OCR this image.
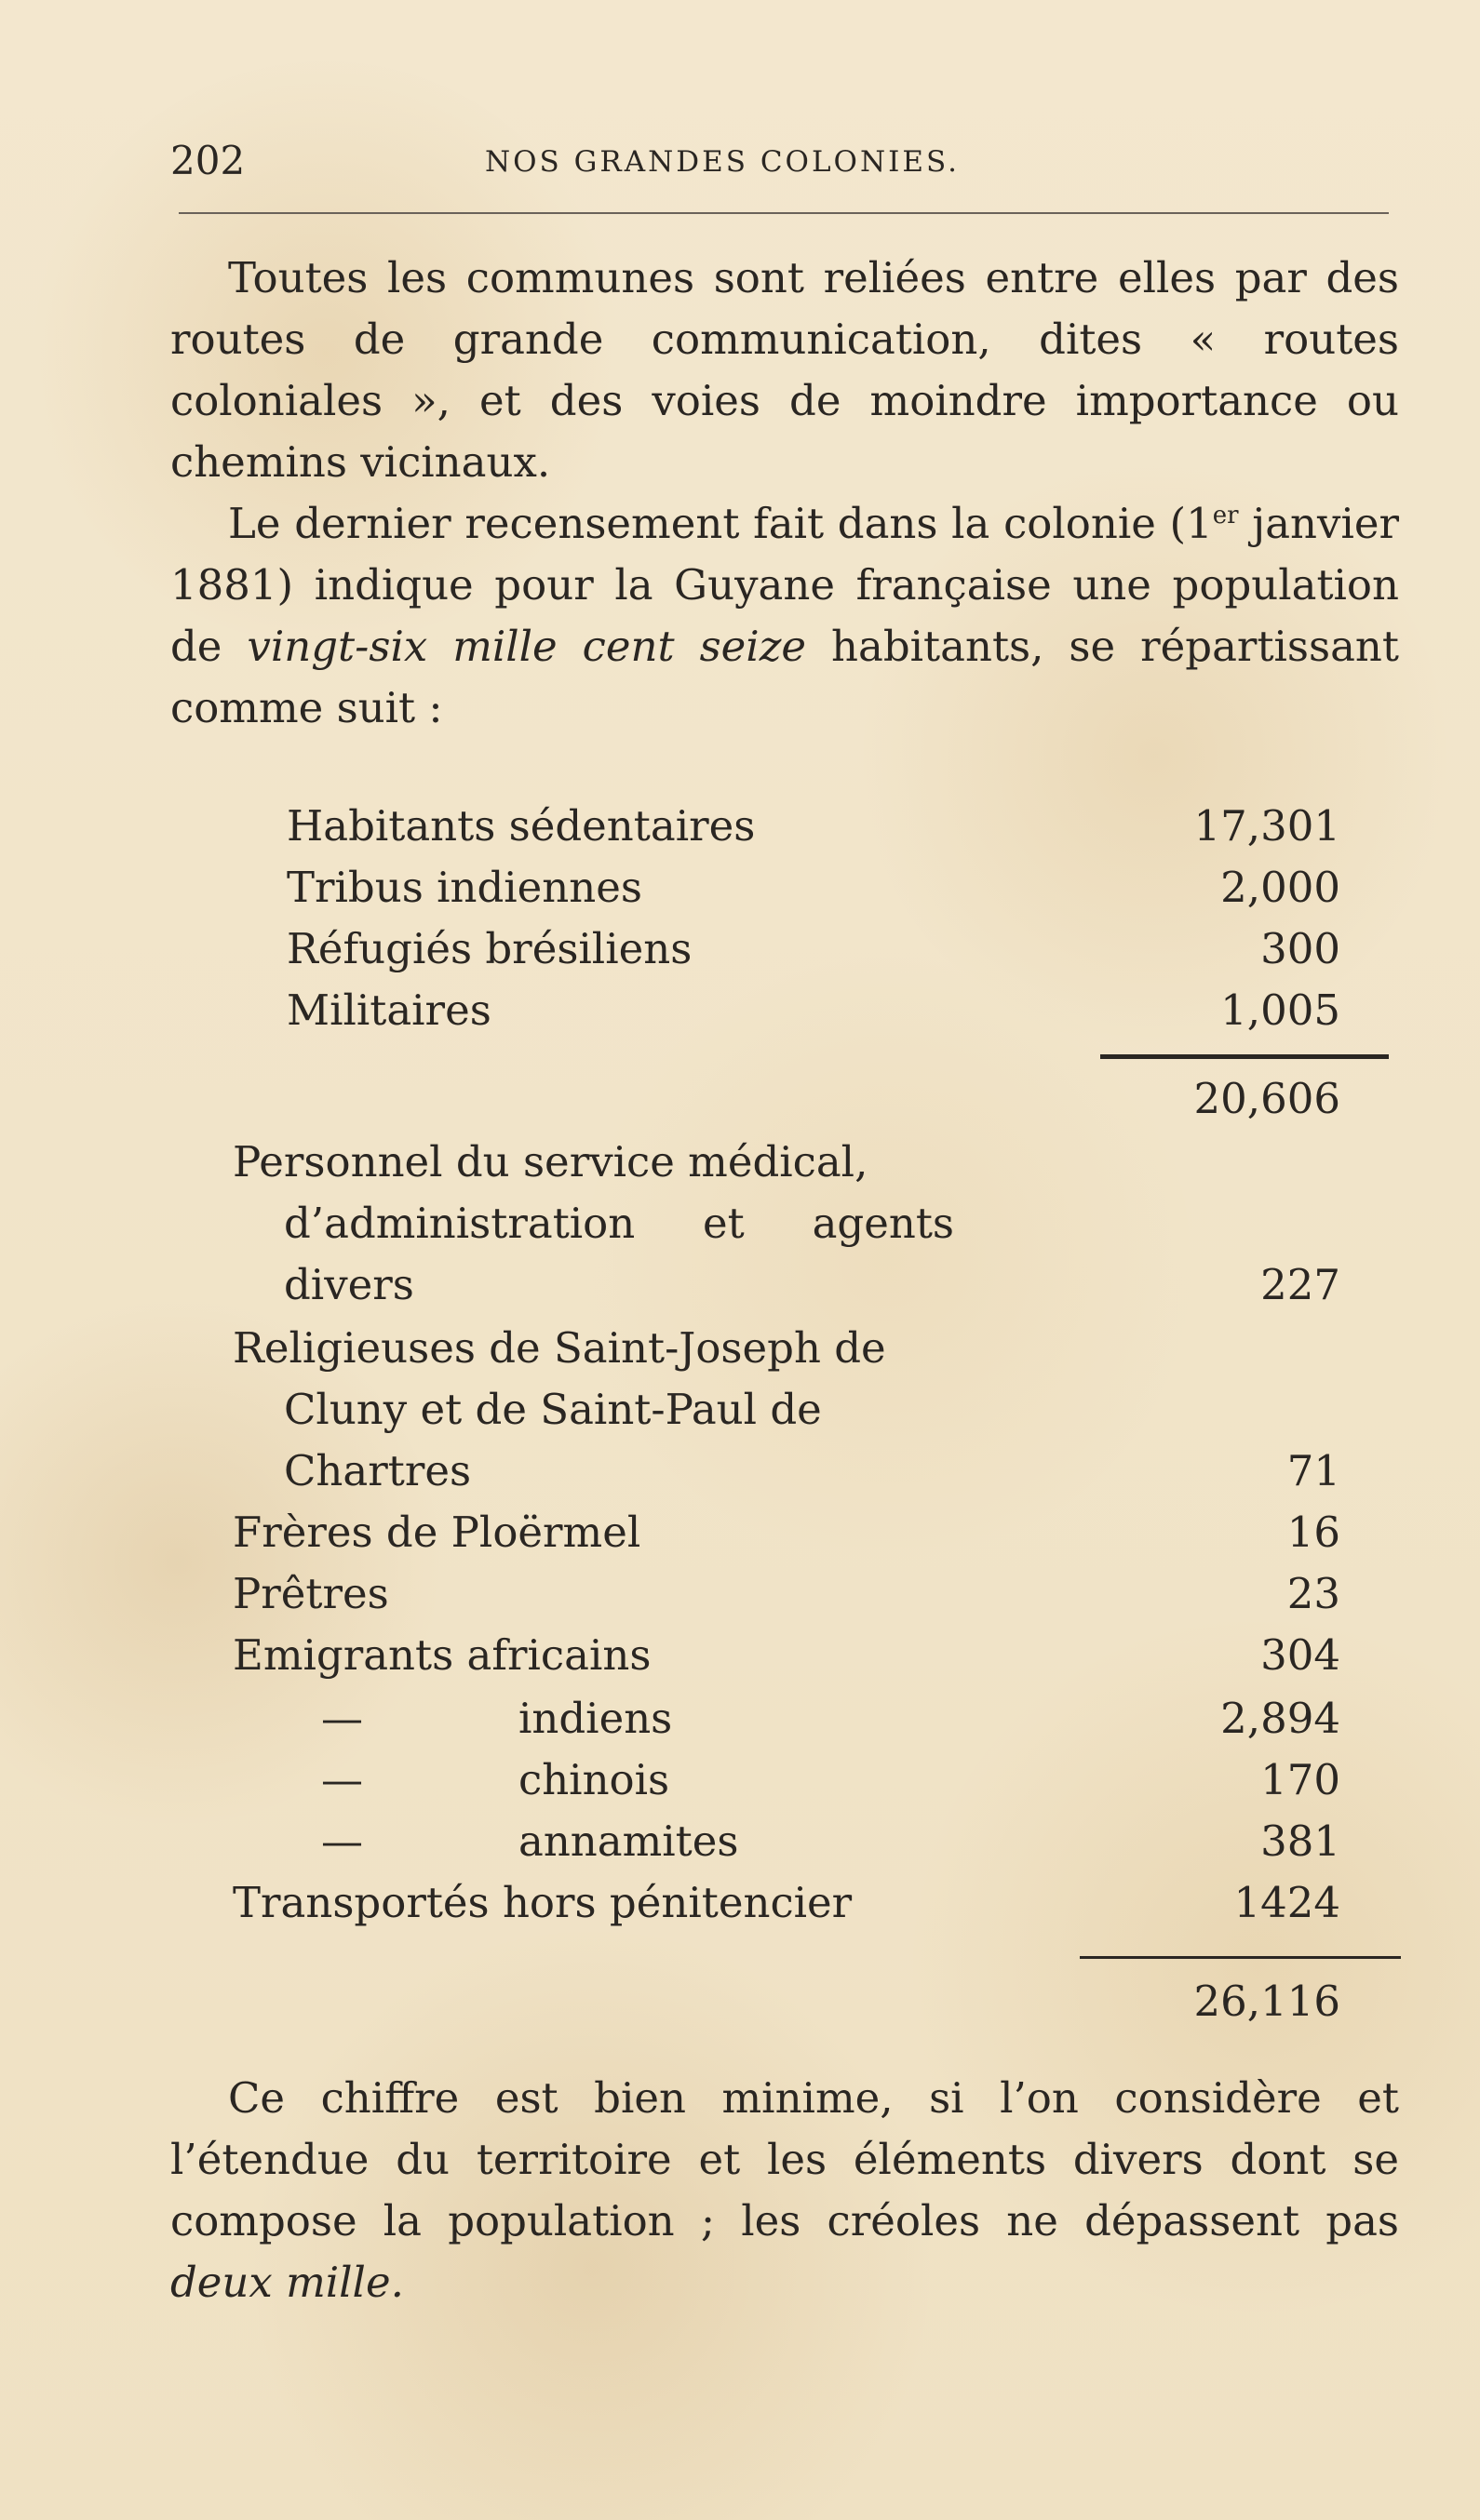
202	NOS GRANDES COLONIES.

Toutes les communes sont reliées entre elles par des routes de grande communication, dites « routes coloniales », et des voies de moindre importance ou chemins vicinaux.

Le dernier recensement fait dans la colonie (1er janvier 1881) indique pour la Guyane française une population de vingt-six mille cent seize habitants, se répartissant comme suit :

Habitants sédentaires	17,301
Tribus indiennes	2,000
Réfugiés brésiliens	300
Militaires	1,005
20,606
Personnel du service médical,
d’administration et agents
divers	227
Religieuses de Saint-Joseph de
Cluny et de Saint-Paul de
Chartres	71
Frères de Ploërmel	16
Prêtres	23
Emigrants africains	304
—	indiens	2,894
—	chinois	170
—	annamites	381
Transportés hors pénitencier	1424
26,116

Ce chiffre est bien minime, si l’on considère et l’étendue du territoire et les éléments divers dont se compose la population ; les créoles ne dépassent pas

deux mille.
